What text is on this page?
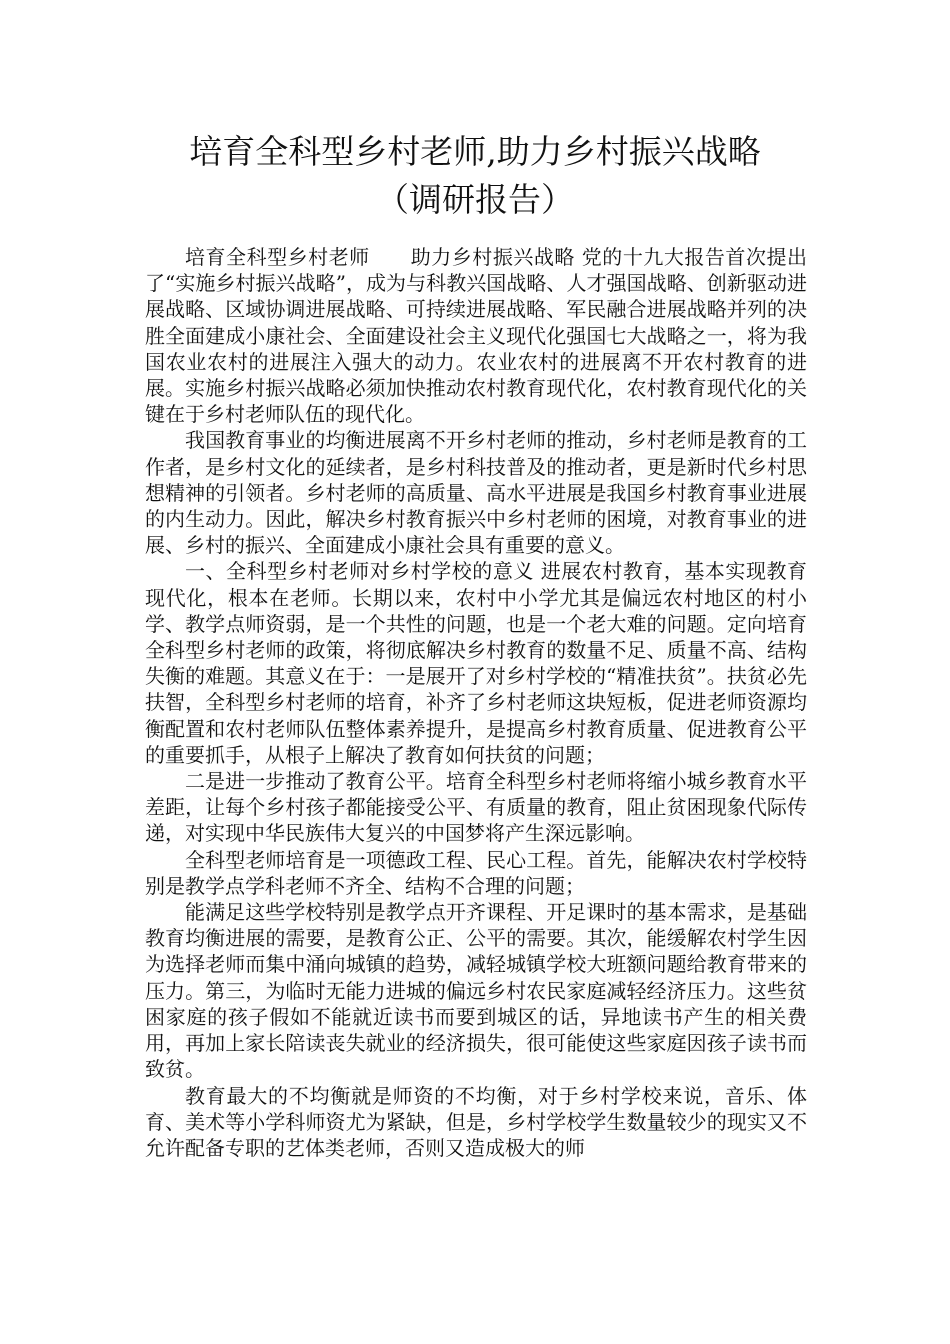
培育全科型乡村老师,助力乡村振兴战略
（调研报告）

培育全科型乡村老师　　助力乡村振兴战略 党的十九大报告首次提出了“实施乡村振兴战略”，成为与科教兴国战略、人才强国战略、创新驱动进展战略、区域协调进展战略、可持续进展战略、军民融合进展战略并列的决胜全面建成小康社会、全面建设社会主义现代化强国七大战略之一，将为我国农业农村的进展注入强大的动力。农业农村的进展离不开农村教育的进展。实施乡村振兴战略必须加快推动农村教育现代化，农村教育现代化的关键在于乡村老师队伍的现代化。

我国教育事业的均衡进展离不开乡村老师的推动，乡村老师是教育的工作者，是乡村文化的延续者，是乡村科技普及的推动者，更是新时代乡村思想精神的引领者。乡村老师的高质量、高水平进展是我国乡村教育事业进展的内生动力。因此，解决乡村教育振兴中乡村老师的困境，对教育事业的进展、乡村的振兴、全面建成小康社会具有重要的意义。

一、全科型乡村老师对乡村学校的意义 进展农村教育，基本实现教育现代化，根本在老师。长期以来，农村中小学尤其是偏远农村地区的村小学、教学点师资弱，是一个共性的问题，也是一个老大难的问题。定向培育全科型乡村老师的政策，将彻底解决乡村教育的数量不足、质量不高、结构失衡的难题。其意义在于：一是展开了对乡村学校的“精准扶贫”。扶贫必先扶智，全科型乡村老师的培育，补齐了乡村老师这块短板，促进老师资源均衡配置和农村老师队伍整体素养提升，是提高乡村教育质量、促进教育公平的重要抓手，从根子上解决了教育如何扶贫的问题；

二是进一步推动了教育公平。培育全科型乡村老师将缩小城乡教育水平差距，让每个乡村孩子都能接受公平、有质量的教育，阻止贫困现象代际传递，对实现中华民族伟大复兴的中国梦将产生深远影响。

全科型老师培育是一项德政工程、民心工程。首先，能解决农村学校特别是教学点学科老师不齐全、结构不合理的问题；

能满足这些学校特别是教学点开齐课程、开足课时的基本需求，是基础教育均衡进展的需要，是教育公正、公平的需要。其次，能缓解农村学生因为选择老师而集中涌向城镇的趋势，减轻城镇学校大班额问题给教育带来的压力。第三，为临时无能力进城的偏远乡村农民家庭减轻经济压力。这些贫困家庭的孩子假如不能就近读书而要到城区的话，异地读书产生的相关费用，再加上家长陪读丧失就业的经济损失，很可能使这些家庭因孩子读书而致贫。

教育最大的不均衡就是师资的不均衡，对于乡村学校来说，音乐、体育、美术等小学科师资尤为紧缺，但是，乡村学校学生数量较少的现实又不允许配备专职的艺体类老师，否则又造成极大的师
